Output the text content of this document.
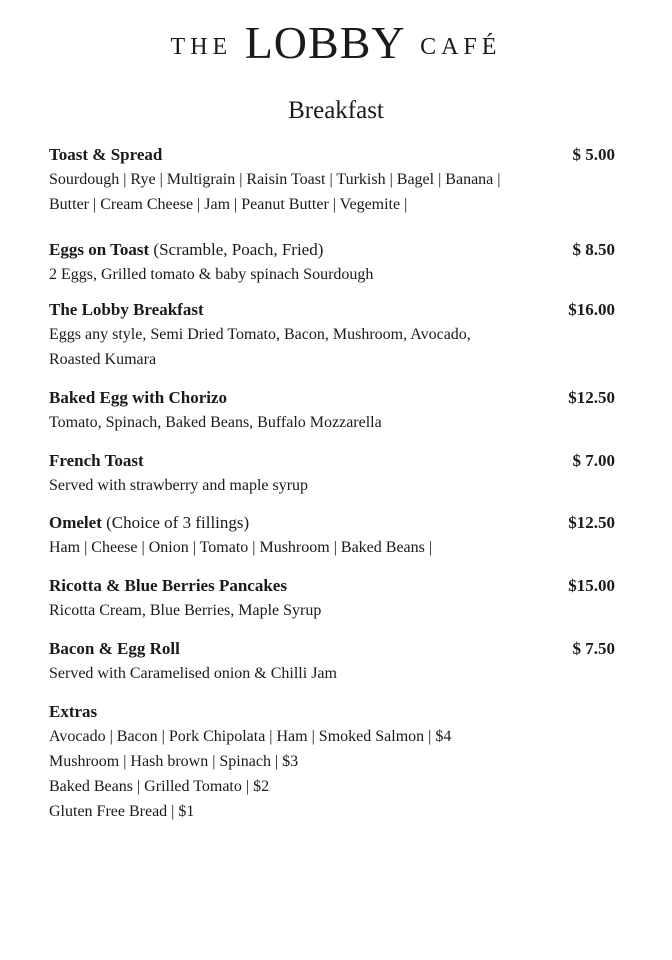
THE LOBBY CAFÉ
Breakfast
Toast & Spread	$ 5.00
Sourdough | Rye | Multigrain | Raisin Toast | Turkish | Bagel | Banana |
Butter | Cream Cheese | Jam | Peanut Butter | Vegemite |
Eggs on Toast (Scramble, Poach, Fried)	$ 8.50
2 Eggs, Grilled tomato & baby spinach Sourdough
The Lobby Breakfast	$16.00
Eggs any style, Semi Dried Tomato, Bacon, Mushroom, Avocado,
Roasted Kumara
Baked Egg with Chorizo	$12.50
Tomato, Spinach, Baked Beans, Buffalo Mozzarella
French Toast	$ 7.00
Served with strawberry and maple syrup
Omelet (Choice of 3 fillings)	$12.50
Ham | Cheese | Onion | Tomato | Mushroom | Baked Beans |
Ricotta & Blue Berries Pancakes	$15.00
Ricotta Cream, Blue Berries, Maple Syrup
Bacon & Egg Roll	$ 7.50
Served with Caramelised onion & Chilli Jam
Extras
Avocado | Bacon | Pork Chipolata | Ham | Smoked Salmon | $4
Mushroom | Hash brown | Spinach | $3
Baked Beans | Grilled Tomato | $2
Gluten Free Bread | $1
